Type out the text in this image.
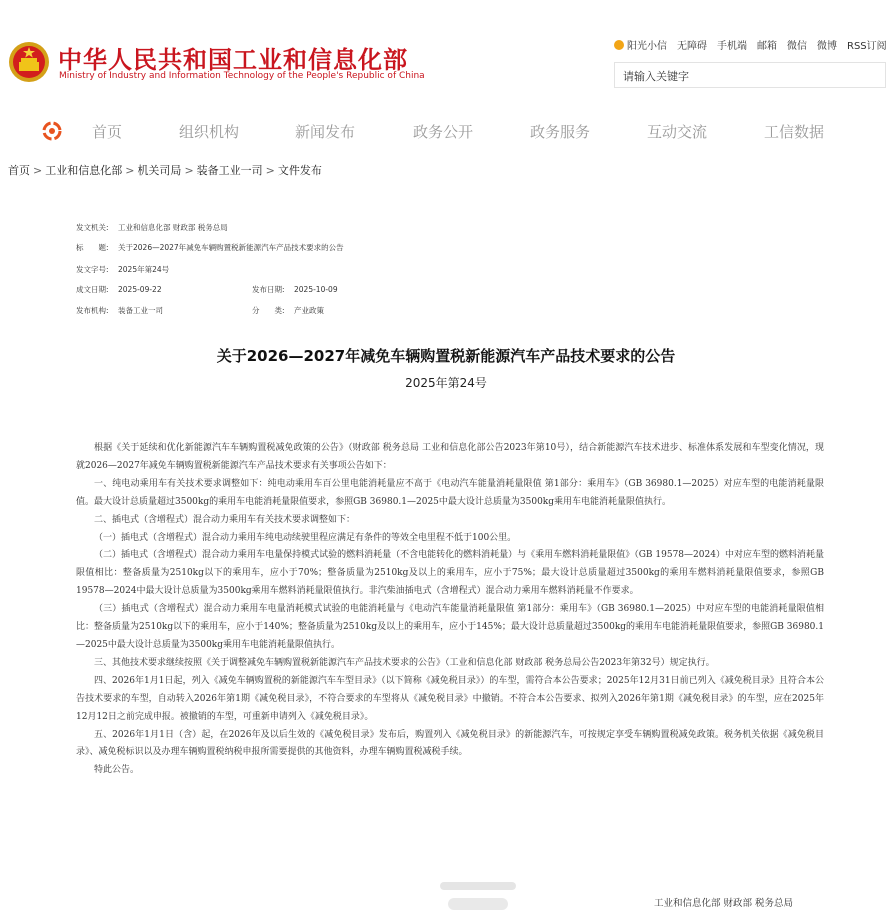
中华人民共和国工业和信息化部
Ministry of Industry and Information Technology of the People's Republic of China
阳光小信 无障碍 手机端 邮箱 微信 微博 RSS订阅
请输入关键字
首页	组织机构	新闻发布	政务公开	政务服务	互动交流	工信数据
首页 > 工业和信息化部 > 机关司局 > 装备工业一司 > 文件发布
发文机关: 工业和信息化部 财政部 税务总局
标　　题: 关于2026—2027年减免车辆购置税新能源汽车产品技术要求的公告
发文字号: 2025年第24号
成文日期: 2025-09-22	发布日期: 2025-10-09
发布机构: 装备工业一司	分　　类: 产业政策
关于2026—2027年减免车辆购置税新能源汽车产品技术要求的公告
2025年第24号

根据《关于延续和优化新能源汽车车辆购置税减免政策的公告》（财政部 税务总局 工业和信息化部公告2023年第10号），结合新能源汽车技术进步、标准体系发展和车型变化情况，现就2026—2027年减免车辆购置税新能源汽车产品技术要求有关事项公告如下：

一、纯电动乘用车有关技术要求调整如下：纯电动乘用车百公里电能消耗量应不高于《电动汽车能量消耗量限值 第1部分：乘用车》（GB 36980.1—2025）对应车型的电能消耗量限值。最大设计总质量超过3500kg的乘用车电能消耗量限值要求，参照GB 36980.1—2025中最大设计总质量为3500kg乘用车电能消耗量限值执行。

二、插电式（含增程式）混合动力乘用车有关技术要求调整如下：

（一）插电式（含增程式）混合动力乘用车纯电动续驶里程应满足有条件的等效全电里程不低于100公里。

（二）插电式（含增程式）混合动力乘用车电量保持模式试验的燃料消耗量（不含电能转化的燃料消耗量）与《乘用车燃料消耗量限值》（GB 19578—2024）中对应车型的燃料消耗量限值相比：整备质量为2510kg以下的乘用车，应小于70%；整备质量为2510kg及以上的乘用车，应小于75%；最大设计总质量超过3500kg的乘用车燃料消耗量限值要求，参照GB 19578—2024中最大设计总质量为3500kg乘用车燃料消耗量限值执行。非汽柴油插电式（含增程式）混合动力乘用车燃料消耗量不作要求。

（三）插电式（含增程式）混合动力乘用车电量消耗模式试验的电能消耗量与《电动汽车能量消耗量限值 第1部分：乘用车》（GB 36980.1—2025）中对应车型的电能消耗量限值相比：整备质量为2510kg以下的乘用车，应小于140%；整备质量为2510kg及以上的乘用车，应小于145%；最大设计总质量超过3500kg的乘用车电能消耗量限值要求，参照GB 36980.1—2025中最大设计总质量为3500kg乘用车电能消耗量限值执行。

三、其他技术要求继续按照《关于调整减免车辆购置税新能源汽车产品技术要求的公告》（工业和信息化部 财政部 税务总局公告2023年第32号）规定执行。

四、2026年1月1日起，列入《减免车辆购置税的新能源汽车车型目录》（以下简称《减免税目录》）的车型，需符合本公告要求；2025年12月31日前已列入《减免税目录》且符合本公告技术要求的车型，自动转入2026年第1期《减免税目录》，不符合要求的车型将从《减免税目录》中撤销。不符合本公告要求、拟列入2026年第1期《减免税目录》的车型，应在2025年12月12日之前完成申报。被撤销的车型，可重新申请列入《减免税目录》。

五、2026年1月1日（含）起，在2026年及以后生效的《减免税目录》发布后，购置列入《减免税目录》的新能源汽车，可按规定享受车辆购置税减免政策。税务机关依据《减免税目录》、减免税标识以及办理车辆购置税纳税申报所需要提供的其他资料，办理车辆购置税减税手续。

特此公告。

工业和信息化部 财政部 税务总局
